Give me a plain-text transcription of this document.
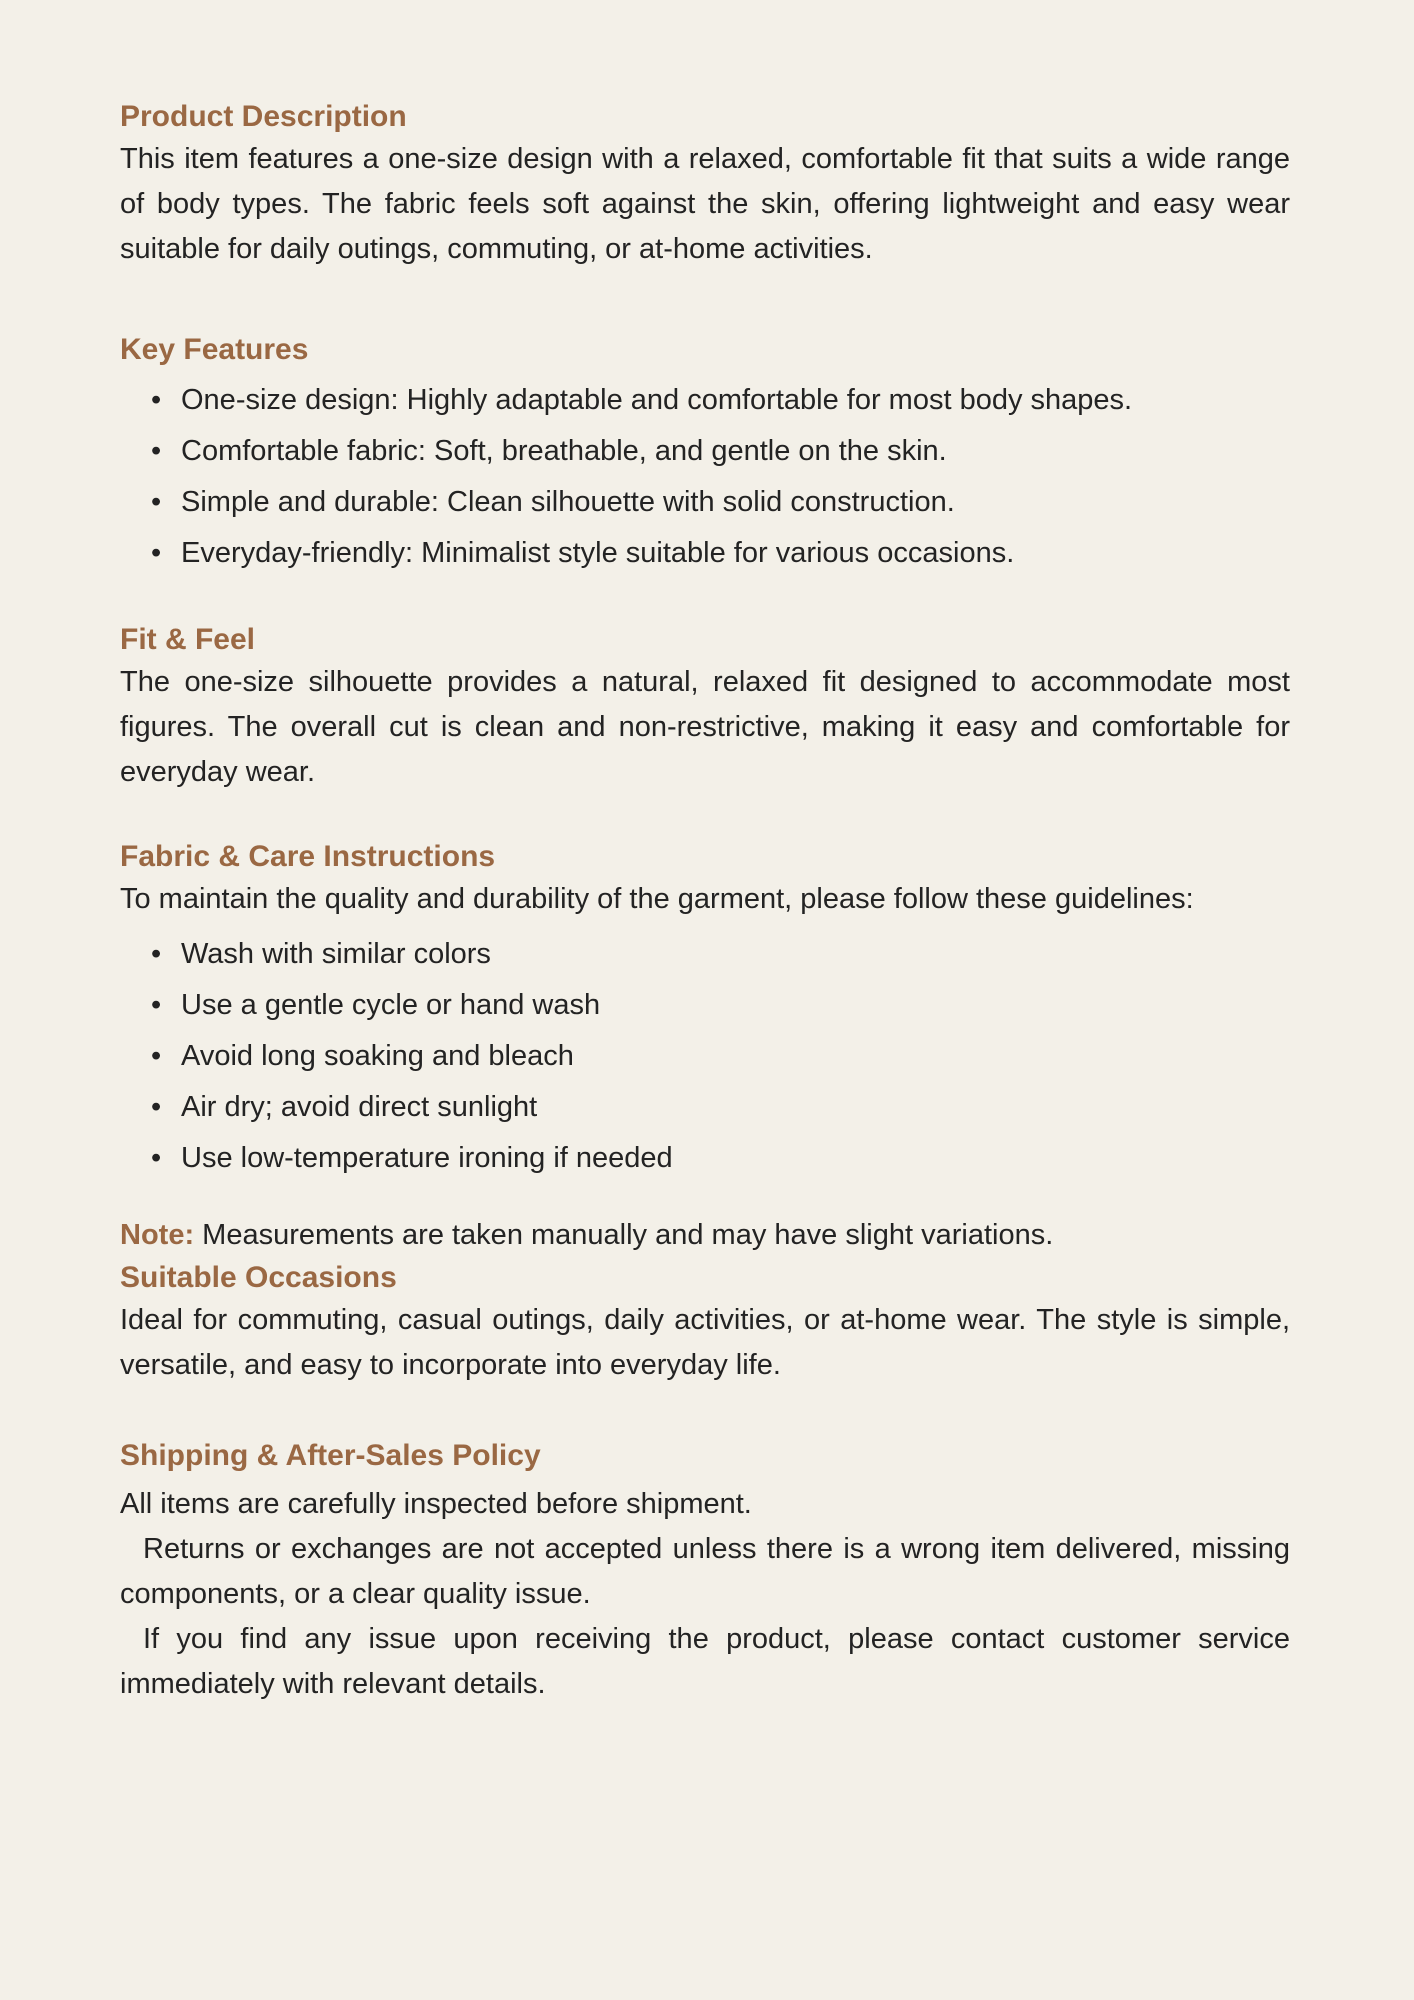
Product Description

This item features a one-size design with a relaxed, comfortable fit that suits a wide range of body types. The fabric feels soft against the skin, offering lightweight and easy wear suitable for daily outings, commuting, or at-home activities.

Key Features
• One-size design: Highly adaptable and comfortable for most body shapes.
• Comfortable fabric: Soft, breathable, and gentle on the skin.
• Simple and durable: Clean silhouette with solid construction.
• Everyday-friendly: Minimalist style suitable for various occasions.
Fit & Feel

The one-size silhouette provides a natural, relaxed fit designed to accommodate most figures. The overall cut is clean and non-restrictive, making it easy and comfortable for everyday wear.

Fabric & Care Instructions

To maintain the quality and durability of the garment, please follow these guidelines:

• Wash with similar colors
• Use a gentle cycle or hand wash
• Avoid long soaking and bleach
• Air dry; avoid direct sunlight
• Use low-temperature ironing if needed

Note: Measurements are taken manually and may have slight variations.

Suitable Occasions

Ideal for commuting, casual outings, daily activities, or at-home wear. The style is simple, versatile, and easy to incorporate into everyday life.

Shipping & After-Sales Policy

All items are carefully inspected before shipment.

Returns or exchanges are not accepted unless there is a wrong item delivered, missing components, or a clear quality issue.

If you find any issue upon receiving the product, please contact customer service immediately with relevant details.
